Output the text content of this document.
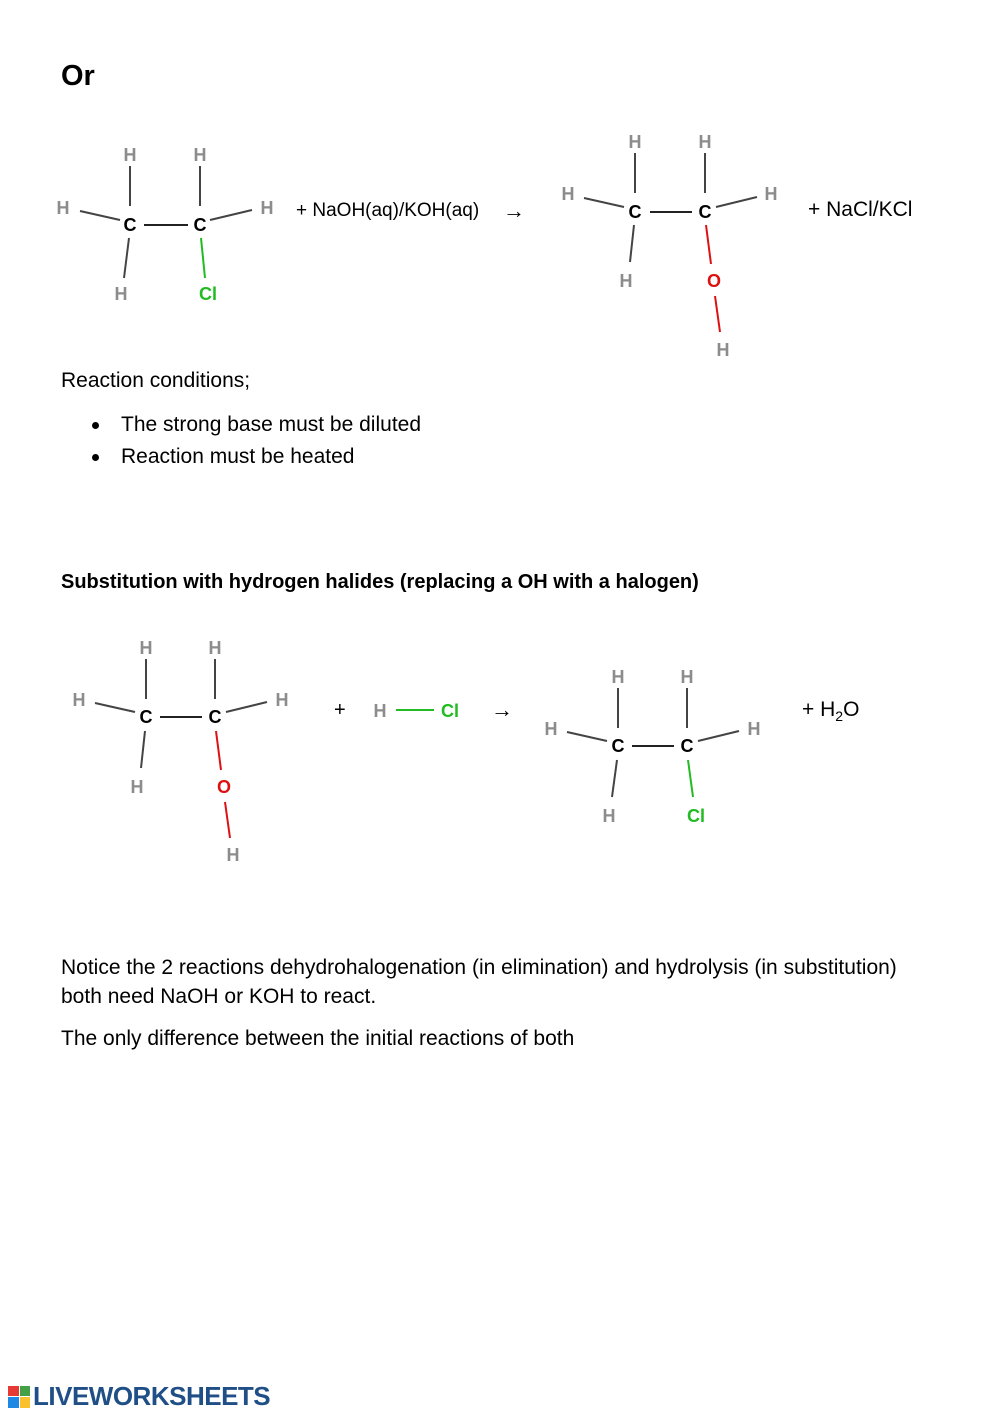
Or
H	H
H	H
C	C
H	Cl
H	H
H	H
C	C
H	O
H
H	H
H	H
C	C
H	O
H
H	Cl
H	H
H	H
C	C
H	Cl
+ NaOH(aq)/KOH(aq) →	+ NaCl/KCl
Reaction conditions;
The strong base must be diluted
Reaction must be heated
Substitution with hydrogen halides (replacing a OH with a halogen)
+	→	+ $H_2O$
Notice the 2 reactions dehydrohalogenation (in elimination) and hydrolysis (in substitution) both need NaOH or KOH to react.
The only difference between the initial reactions of both
LIVEWORKSHEETS
